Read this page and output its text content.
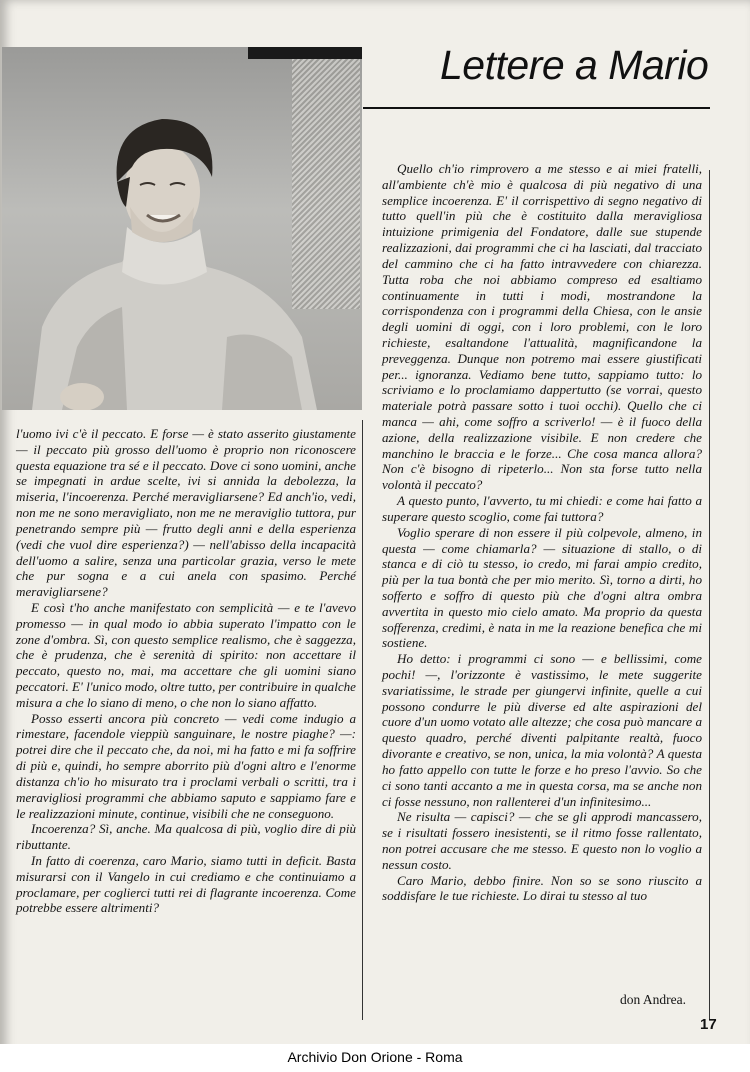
Lettere a Mario

l'uomo ivi c'è il peccato. E forse — è stato asserito giustamente — il peccato più grosso dell'uomo è proprio non riconoscere questa equazione tra sé e il peccato. Dove ci sono uomini, anche se impegnati in ardue scelte, ivi si annida la debolezza, la miseria, l'incoerenza. Perché meravigliarsene? Ed anch'io, vedi, non me ne sono meravigliato, non me ne meraviglio tuttora, pur penetrando sempre più — frutto degli anni e della esperienza (vedi che vuol dire esperienza?) — nell'abisso della incapacità dell'uomo a salire, senza una particolar grazia, verso le mete che pur sogna e a cui anela con spasimo. Perché meravigliarsene?

E così t'ho anche manifestato con semplicità — e te l'avevo promesso — in qual modo io abbia superato l'impatto con le zone d'ombra. Sì, con questo semplice realismo, che è saggezza, che è prudenza, che è serenità di spirito: non accettare il peccato, questo no, mai, ma accettare che gli uomini siano peccatori. E' l'unico modo, oltre tutto, per contribuire in qualche misura a che lo siano di meno, o che non lo siano affatto.

Posso esserti ancora più concreto — vedi come indugio a rimestare, facendole vieppiù sanguinare, le nostre piaghe? —: potrei dire che il peccato che, da noi, mi ha fatto e mi fa soffrire di più e, quindi, ho sempre aborrito più d'ogni altro e l'enorme distanza ch'io ho misurato tra i proclami verbali o scritti, tra i meravigliosi programmi che abbiamo saputo e sappiamo fare e le realizzazioni minute, continue, visibili che ne conseguono.

Incoerenza? Sì, anche. Ma qualcosa di più, voglio dire di più ributtante.

In fatto di coerenza, caro Mario, siamo tutti in deficit. Basta misurarsi con il Vangelo in cui crediamo e che continuiamo a proclamare, per coglierci tutti rei di flagrante incoerenza. Come potrebbe essere altrimenti?

Quello ch'io rimprovero a me stesso e ai miei fratelli, all'ambiente ch'è mio è qualcosa di più negativo di una semplice incoerenza. E' il corrispettivo di segno negativo di tutto quell'in più che è costituito dalla meravigliosa intuizione primigenia del Fondatore, dalle sue stupende realizzazioni, dai programmi che ci ha lasciati, dal tracciato del cammino che ci ha fatto intravvedere con chiarezza. Tutta roba che noi abbiamo compreso ed esaltiamo continuamente in tutti i modi, mostrandone la corrispondenza con i programmi della Chiesa, con le ansie degli uomini di oggi, con i loro problemi, con le loro richieste, esaltandone l'attualità, magnificandone la preveggenza. Dunque non potremo mai essere giustificati per... ignoranza. Vediamo bene tutto, sappiamo tutto: lo scriviamo e lo proclamiamo dappertutto (se vorrai, questo materiale potrà passare sotto i tuoi occhi). Quello che ci manca — ahi, come soffro a scriverlo! — è il fuoco della azione, della realizzazione visibile. E non credere che manchino le braccia e le forze... Che cosa manca allora? Non c'è bisogno di ripeterlo... Non sta forse tutto nella volontà il peccato?

A questo punto, l'avverto, tu mi chiedi: e come hai fatto a superare questo scoglio, come fai tuttora?

Voglio sperare di non essere il più colpevole, almeno, in questa — come chiamarla? — situazione di stallo, o di stanca e di ciò tu stesso, io credo, mi farai ampio credito, più per la tua bontà che per mio merito. Sì, torno a dirti, ho sofferto e soffro di questo più che d'ogni altra ombra avvertita in questo mio cielo amato. Ma proprio da questa sofferenza, credimi, è nata in me la reazione benefica che mi sostiene.

Ho detto: i programmi ci sono — e bellissimi, come pochi! —, l'orizzonte è vastissimo, le mete suggerite svariatissime, le strade per giungervi infinite, quelle a cui possono condurre le più diverse ed alte aspirazioni del cuore d'un uomo votato alle altezze; che cosa può mancare a questo quadro, perché diventi palpitante realtà, fuoco divorante e creativo, se non, unica, la mia volontà? A questa ho fatto appello con tutte le forze e ho preso l'avvio. So che ci sono tanti accanto a me in questa corsa, ma se anche non ci fosse nessuno, non rallenterei d'un infinitesimo...

Ne risulta — capisci? — che se gli approdi mancassero, se i risultati fossero inesistenti, se il ritmo fosse rallentato, non potrei accusare che me stesso. E questo non lo voglio a nessun costo.

Caro Mario, debbo finire. Non so se sono riuscito a soddisfare le tue richieste. Lo dirai tu stesso al tuo

don Andrea.
17
Archivio Don Orione - Roma
